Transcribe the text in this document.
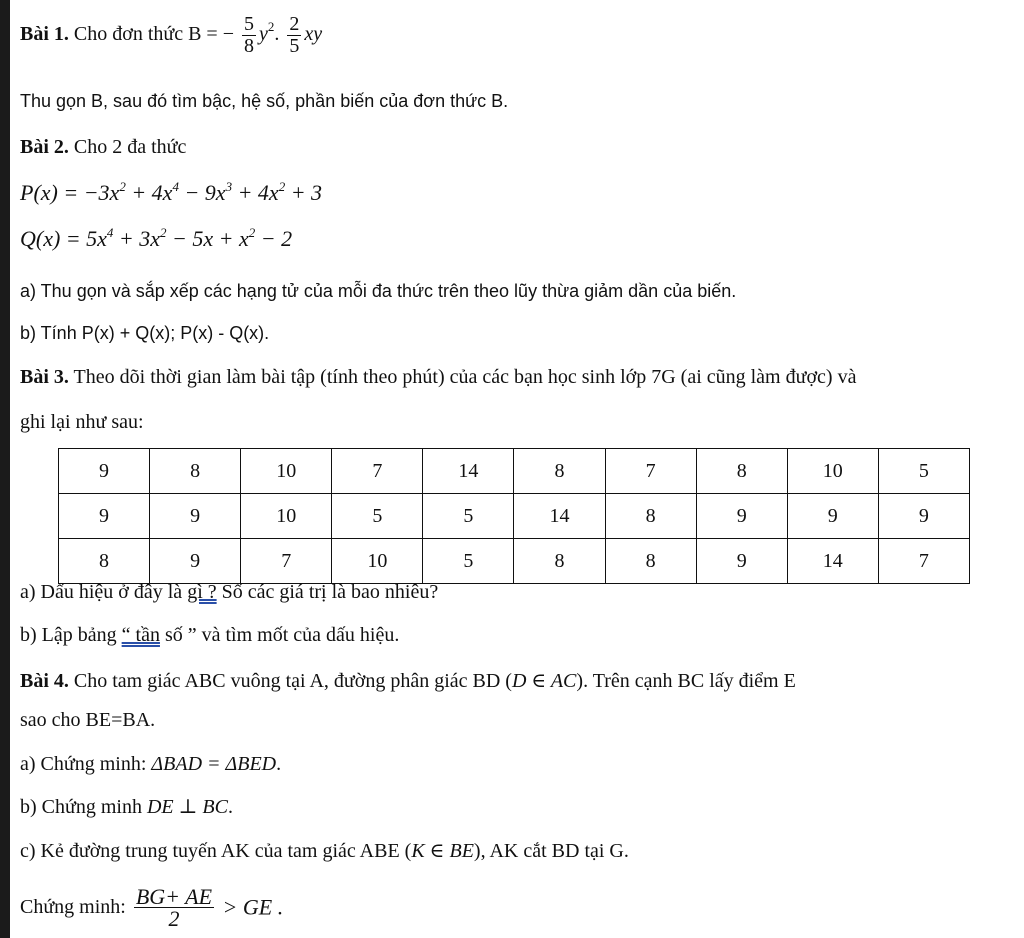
Bài 1. Cho đơn thức B = − $\frac{5}{8} y^2$. $\frac{2}{5}$ xy
Thu gọn B, sau đó tìm bậc, hệ số, phần biến của đơn thức B.
Bài 2. Cho 2 đa thức
$P(x) = -3x^2 + 4x^4 - 9x^3 + 4x^2 + 3$
$Q(x) = 5x^4 + 3x^2 - 5x + x^2 - 2$
a) Thu gọn và sắp xếp các hạng tử của mỗi đa thức trên theo lũy thừa giảm dần của biến.
b) Tính P(x) + Q(x); P(x) - Q(x).
Bài 3. Theo dõi thời gian làm bài tập (tính theo phút) của các bạn học sinh lớp 7G (ai cũng làm được) và
ghi lại như sau:
9	8	10	7	14	8	7	8	10	5
9	9	10	5	5	14	8	9	9	9
8	9	7	10	5	8	8	9	14	7
a) Dấu hiệu ở đây là gì ? Số các giá trị là bao nhiêu?
b) Lập bảng “ tần số ” và tìm mốt của dấu hiệu.
Bài 4. Cho tam giác ABC vuông tại A, đường phân giác BD (D ∈ AC). Trên cạnh BC lấy điểm E
sao cho BE=BA.
a) Chứng minh: ΔBAD = ΔBED.
b) Chứng minh DE ⊥ BC.
c) Kẻ đường trung tuyến AK của tam giác ABE (K ∈ BE), AK cắt BD tại G.
Chứng minh: $\frac{BG+ AE}{2}$ > GE .
